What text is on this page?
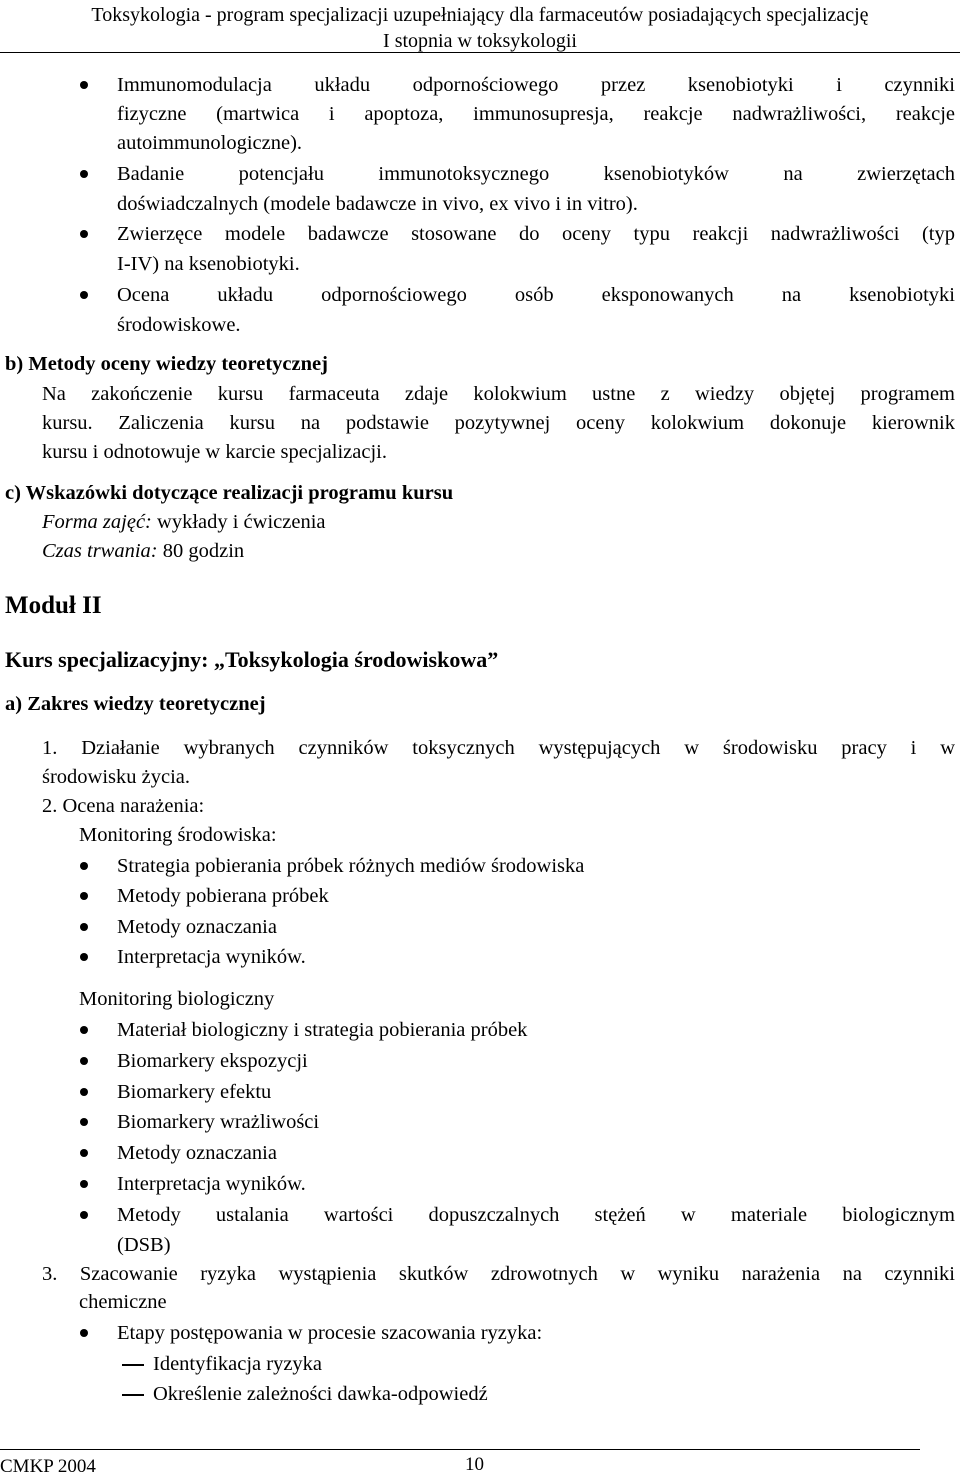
Toksykologia - program specjalizacji uzupełniający dla farmaceutów posiadających specjalizację
I stopnia w toksykologii
Immunomodulacja układu odpornościowego przez ksenobiotyki i czynniki
fizyczne (martwica i apoptoza, immunosupresja, reakcje nadwrażliwości, reakcje
autoimmunologiczne).
Badanie potencjału immunotoksycznego ksenobiotyków na zwierzętach
doświadczalnych (modele badawcze in vivo, ex vivo i in vitro).
Zwierzęce modele badawcze stosowane do oceny typu reakcji nadwrażliwości (typ
I-IV) na ksenobiotyki.
Ocena układu odpornościowego osób eksponowanych na ksenobiotyki
środowiskowe.
b) Metody oceny wiedzy teoretycznej
Na zakończenie kursu farmaceuta zdaje kolokwium ustne z wiedzy objętej programem
kursu. Zaliczenia kursu na podstawie pozytywnej oceny kolokwium dokonuje kierownik
kursu i odnotowuje w karcie specjalizacji.
c) Wskazówki dotyczące realizacji programu kursu
Forma zajęć: wykłady i ćwiczenia
Czas trwania: 80 godzin
Moduł II
Kurs specjalizacyjny: „Toksykologia środowiskowa”
a) Zakres wiedzy teoretycznej
1. Działanie wybranych czynników toksycznych występujących w środowisku pracy i w
środowisku życia.
2. Ocena narażenia:
Monitoring środowiska:
Strategia pobierania próbek różnych mediów środowiska
Metody pobierana próbek
Metody oznaczania
Interpretacja wyników.
Monitoring biologiczny
Materiał biologiczny i strategia pobierania próbek
Biomarkery ekspozycji
Biomarkery efektu
Biomarkery wrażliwości
Metody oznaczania
Interpretacja wyników.
Metody ustalania wartości dopuszczalnych stężeń w materiale biologicznym
(DSB)
3. Szacowanie ryzyka wystąpienia skutków zdrowotnych w wyniku narażenia na czynniki
chemiczne
Etapy postępowania w procesie szacowania ryzyka:
Identyfikacja ryzyka
Określenie zależności dawka-odpowiedź
CMKP 2004	10
